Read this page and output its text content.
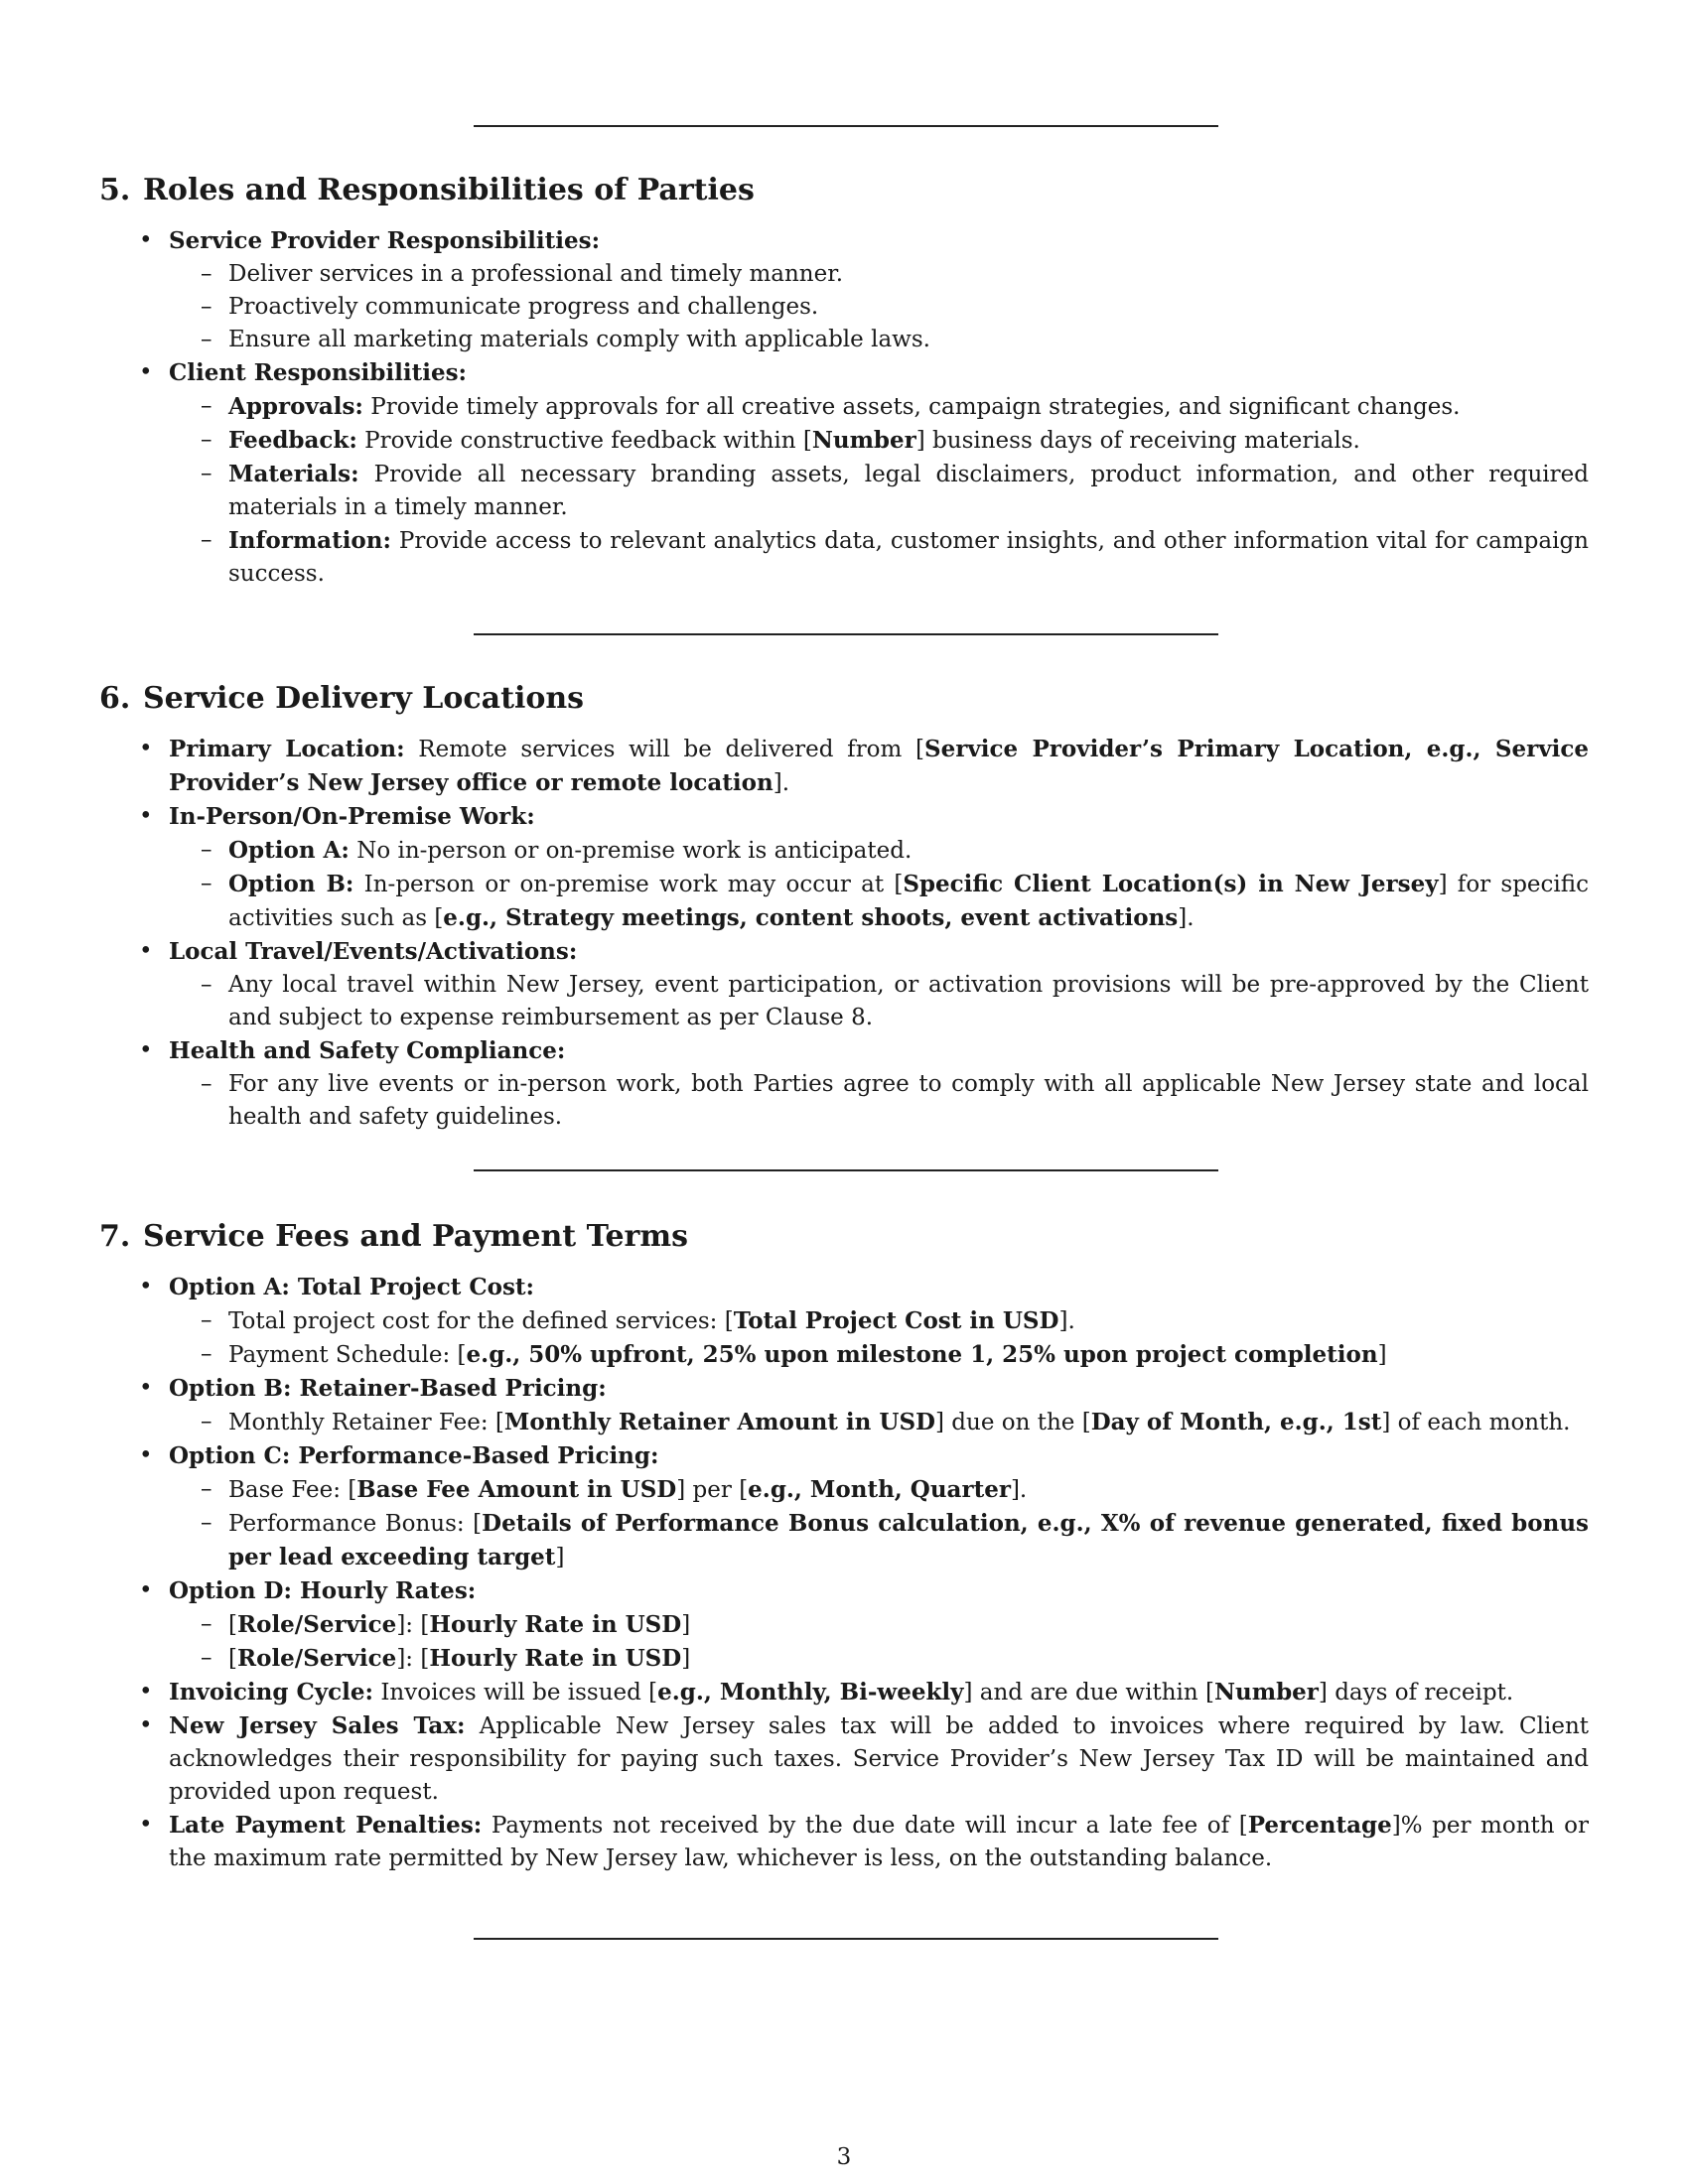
5. Roles and Responsibilities of Parties
• Service Provider Responsibilities:
– Deliver services in a professional and timely manner.
– Proactively communicate progress and challenges.
– Ensure all marketing materials comply with applicable laws.
• Client Responsibilities:
– Approvals: Provide timely approvals for all creative assets, campaign strategies, and significant changes.
– Feedback: Provide constructive feedback within [Number] business days of receiving materials.
– Materials: Provide all necessary branding assets, legal disclaimers, product information, and other required materials in a timely manner.
– Information: Provide access to relevant analytics data, customer insights, and other information vital for campaign success.
6. Service Delivery Locations
• Primary Location: Remote services will be delivered from [Service Provider’s Primary Location, e.g., Service Provider’s New Jersey office or remote location].
• In-Person/On-Premise Work:
– Option A: No in-person or on-premise work is anticipated.
– Option B: In-person or on-premise work may occur at [Specific Client Location(s) in New Jersey] for specific activities such as [e.g., Strategy meetings, content shoots, event activations].
• Local Travel/Events/Activations:
– Any local travel within New Jersey, event participation, or activation provisions will be pre-approved by the Client and subject to expense reimbursement as per Clause 8.
• Health and Safety Compliance:
– For any live events or in-person work, both Parties agree to comply with all applicable New Jersey state and local health and safety guidelines.
7. Service Fees and Payment Terms
• Option A: Total Project Cost:
– Total project cost for the defined services: [Total Project Cost in USD].
– Payment Schedule: [e.g., 50% upfront, 25% upon milestone 1, 25% upon project completion]
• Option B: Retainer-Based Pricing:
– Monthly Retainer Fee: [Monthly Retainer Amount in USD] due on the [Day of Month, e.g., 1st] of each month.
• Option C: Performance-Based Pricing:
– Base Fee: [Base Fee Amount in USD] per [e.g., Month, Quarter].
– Performance Bonus: [Details of Performance Bonus calculation, e.g., X% of revenue generated, fixed bonus per lead exceeding target]
• Option D: Hourly Rates:
– [Role/Service]: [Hourly Rate in USD]
– [Role/Service]: [Hourly Rate in USD]
• Invoicing Cycle: Invoices will be issued [e.g., Monthly, Bi-weekly] and are due within [Number] days of receipt.
• New Jersey Sales Tax: Applicable New Jersey sales tax will be added to invoices where required by law. Client acknowledges their responsibility for paying such taxes. Service Provider’s New Jersey Tax ID will be maintained and provided upon request.
• Late Payment Penalties: Payments not received by the due date will incur a late fee of [Percentage]% per month or the maximum rate permitted by New Jersey law, whichever is less, on the outstanding balance.
3
